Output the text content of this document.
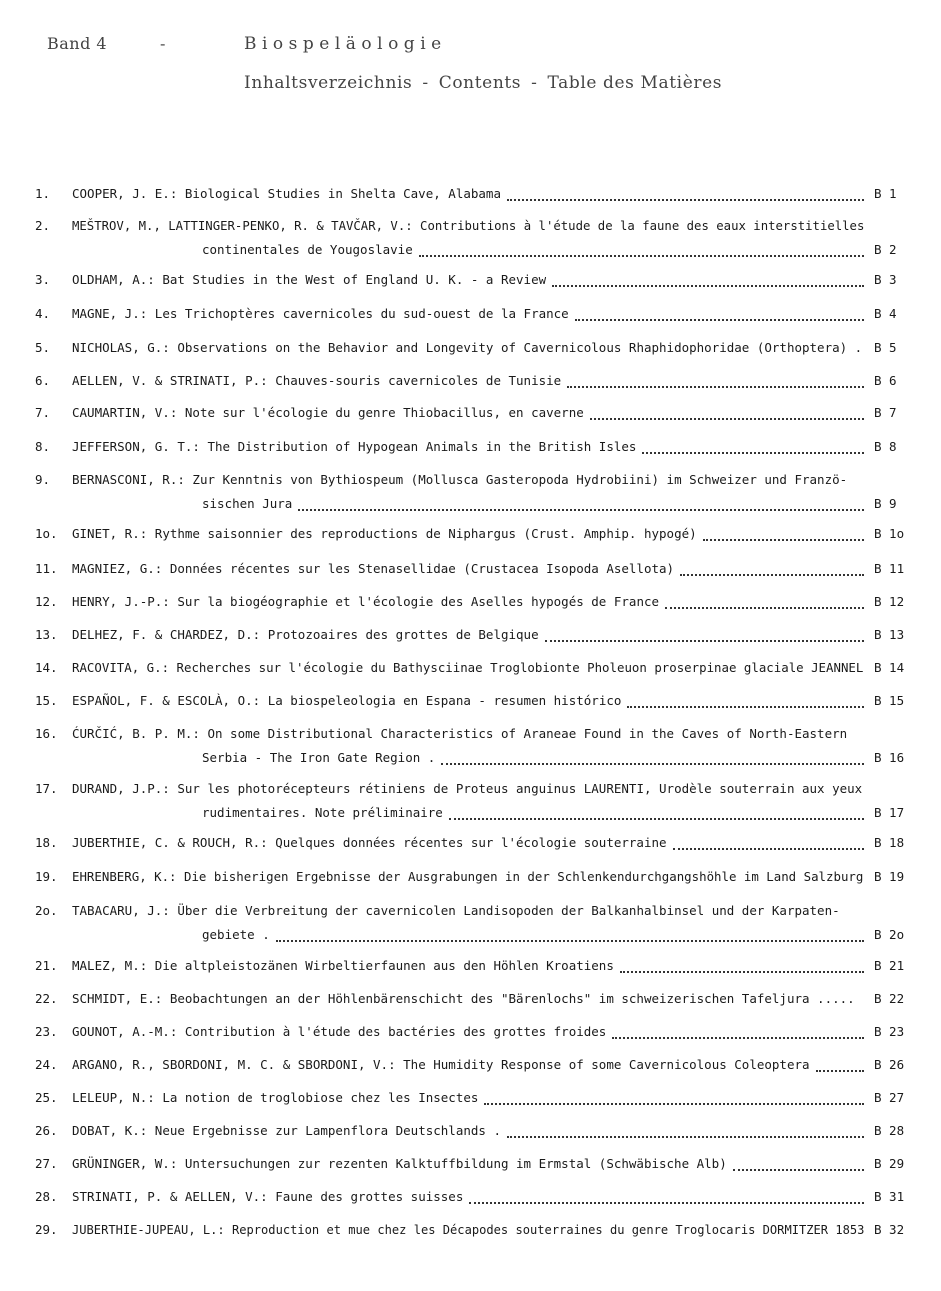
Band 4	-	Biospeläologie
Inhaltsverzeichnis - Contents - Table des Matières
1. COOPER, J. E.: Biological Studies in Shelta Cave, Alabama	B 1
2. MEŠTROV, M., LATTINGER-PENKO, R. & TAVČAR, V.: Contributions à l'étude de la faune des eaux interstitielles
continentales de Yougoslavie	B 2
3. OLDHAM, A.: Bat Studies in the West of England U. K. - a Review	B 3
4. MAGNE, J.: Les Trichoptères cavernicoles du sud-ouest de la France	B 4
5. NICHOLAS, G.: Observations on the Behavior and Longevity of Cavernicolous Rhaphidophoridae (Orthoptera) . B 5
6. AELLEN, V. & STRINATI, P.: Chauves-souris cavernicoles de Tunisie	B 6
7. CAUMARTIN, V.: Note sur l'écologie du genre Thiobacillus, en caverne	B 7
8. JEFFERSON, G. T.: The Distribution of Hypogean Animals in the British Isles	B 8
9. BERNASCONI, R.: Zur Kenntnis von Bythiospeum (Mollusca Gasteropoda Hydrobiini) im Schweizer und Franzö-
sischen Jura	B 9
1o. GINET, R.: Rythme saisonnier des reproductions de Niphargus (Crust. Amphip. hypogé)	B 1o
11. MAGNIEZ, G.: Données récentes sur les Stenasellidae (Crustacea Isopoda Asellota)	B 11
12. HENRY, J.-P.: Sur la biogéographie et l'écologie des Aselles hypogés de France	B 12
13. DELHEZ, F. & CHARDEZ, D.: Protozoaires des grottes de Belgique	B 13
14. RACOVITA, G.: Recherches sur l'écologie du Bathysciinae Troglobionte Pholeuon proserpinae glaciale JEANNEL B 14
15. ESPAÑOL, F. & ESCOLÀ, O.: La biospeleologia en Espana - resumen histórico	B 15
16. ĆURČIĆ, B. P. M.: On some Distributional Characteristics of Araneae Found in the Caves of North-Eastern
Serbia - The Iron Gate Region .	B 16
17. DURAND, J.P.: Sur les photorécepteurs rétiniens de Proteus anguinus LAURENTI, Urodèle souterrain aux yeux
rudimentaires. Note préliminaire	B 17
18. JUBERTHIE, C. & ROUCH, R.: Quelques données récentes sur l'écologie souterraine	B 18
19. EHRENBERG, K.: Die bisherigen Ergebnisse der Ausgrabungen in der Schlenkendurchgangshöhle im Land Salzburg B 19
2o. TABACARU, J.: Über die Verbreitung der cavernicolen Landisopoden der Balkanhalbinsel und der Karpaten-
gebiete .	B 2o
21. MALEZ, M.: Die altpleistozänen Wirbeltierfaunen aus den Höhlen Kroatiens	B 21
22. SCHMIDT, E.: Beobachtungen an der Höhlenbärenschicht des "Bärenlochs" im schweizerischen Tafeljura ..... B 22
23. GOUNOT, A.-M.: Contribution à l'étude des bactéries des grottes froides	B 23
24. ARGANO, R., SBORDONI, M. C. & SBORDONI, V.: The Humidity Response of some Cavernicolous Coleoptera	B 26
25. LELEUP, N.: La notion de troglobiose chez les Insectes	B 27
26. DOBAT, K.: Neue Ergebnisse zur Lampenflora Deutschlands .	B 28
27. GRÜNINGER, W.: Untersuchungen zur rezenten Kalktuffbildung im Ermstal (Schwäbische Alb)	B 29
28. STRINATI, P. & AELLEN, V.: Faune des grottes suisses	B 31
29. JUBERTHIE-JUPEAU, L.: Reproduction et mue chez les Décapodes souterraines du genre Troglocaris DORMITZER 1853 B 32
